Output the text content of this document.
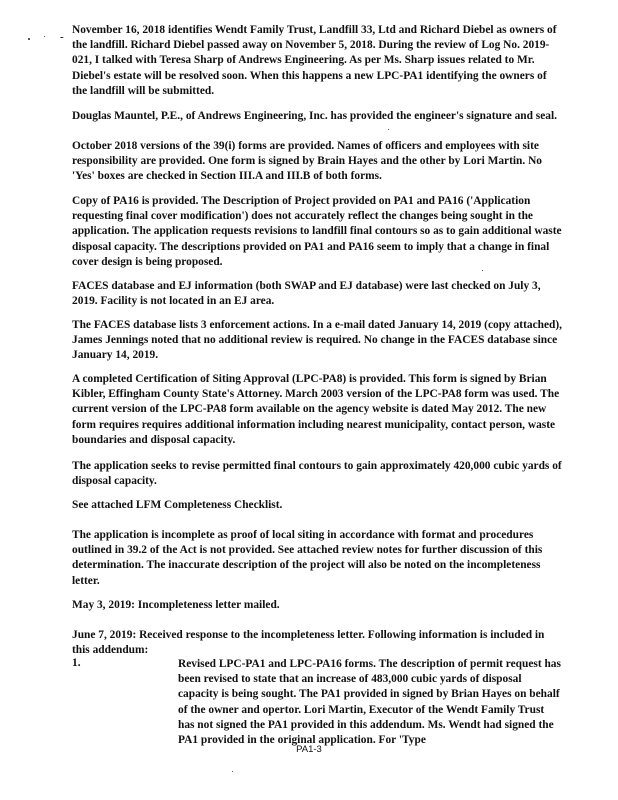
-

November 16, 2018 identifies Wendt Family Trust, Landfill 33, Ltd and Richard Diebel as owners of the landfill. Richard Diebel passed away on November 5, 2018. During the review of Log No. 2019-021, I talked with Teresa Sharp of Andrews Engineering. As per Ms. Sharp issues related to Mr. Diebel's estate will be resolved soon. When this happens a new LPC-PA1 identifying the owners of the landfill will be submitted.

Douglas Mauntel, P.E., of Andrews Engineering, Inc. has provided the engineer's signature and seal.

October 2018 versions of the 39(i) forms are provided. Names of officers and employees with site responsibility are provided. One form is signed by Brain Hayes and the other by Lori Martin. No 'Yes' boxes are checked in Section III.A and III.B of both forms.

Copy of PA16 is provided. The Description of Project provided on PA1 and PA16 ('Application requesting final cover modification') does not accurately reflect the changes being sought in the application. The application requests revisions to landfill final contours so as to gain additional waste disposal capacity. The descriptions provided on PA1 and PA16 seem to imply that a change in final cover design is being proposed.

FACES database and EJ information (both SWAP and EJ database) were last checked on July 3, 2019. Facility is not located in an EJ area.

The FACES database lists 3 enforcement actions. In a e-mail dated January 14, 2019 (copy attached), James Jennings noted that no additional review is required. No change in the FACES database since January 14, 2019.

A completed Certification of Siting Approval (LPC-PA8) is provided. This form is signed by Brian Kibler, Effingham County State's Attorney. March 2003 version of the LPC-PA8 form was used. The current version of the LPC-PA8 form available on the agency website is dated May 2012. The new form requires requires additional information including nearest municipality, contact person, waste boundaries and disposal capacity.

The application seeks to revise permitted final contours to gain approximately 420,000 cubic yards of disposal capacity.

See attached LFM Completeness Checklist.

The application is incomplete as proof of local siting in accordance with format and procedures outlined in 39.2 of the Act is not provided. See attached review notes for further discussion of this determination. The inaccurate description of the project will also be noted on the incompleteness letter.

May 3, 2019: Incompleteness letter mailed.

June 7, 2019: Received response to the incompleteness letter. Following information is included in this addendum:

1.	Revised LPC-PA1 and LPC-PA16 forms. The description of permit request has been revised to state that an increase of 483,000 cubic yards of disposal capacity is being sought. The PA1 provided in signed by Brian Hayes on behalf of the owner and opertor. Lori Martin, Executor of the Wendt Family Trust has not signed the PA1 provided in this addendum. Ms. Wendt had signed the PA1 provided in the original application. For 'Type

PA1-3
